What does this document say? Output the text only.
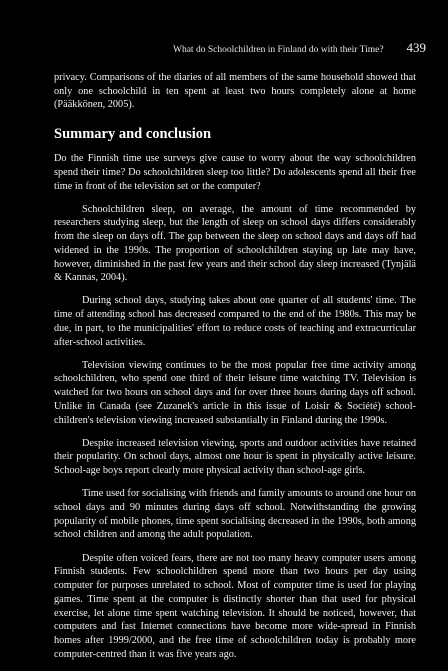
What do Schoolchildren in Finland do with their Time? 439

privacy. Comparisons of the diaries of all members of the same household showed that only one schoolchild in ten spent at least two hours completely alone at home (Pääkkönen, 2005).

Summary and conclusion

Do the Finnish time use surveys give cause to worry about the way schoolchildren spend their time? Do schoolchildren sleep too little? Do adolescents spend all their free time in front of the television set or the computer?

Schoolchildren sleep, on average, the amount of time recommended by researchers studying sleep, but the length of sleep on school days differs considerably from the sleep on days off. The gap between the sleep on school days and days off had widened in the 1990s. The proportion of schoolchildren staying up late may have, however, diminished in the past few years and their school day sleep increased (Tynjälä & Kannas, 2004).

During school days, studying takes about one quarter of all students' time. The time of attending school has decreased compared to the end of the 1980s. This may be due, in part, to the municipalities' effort to reduce costs of teaching and extracurricular after-school activities.

Television viewing continues to be the most popular free time activity among schoolchildren, who spend one third of their leisure time watching TV. Television is watched for two hours on school days and for over three hours during days off school. Unlike in Canada (see Zuzanek's article in this issue of Loisir & Société) school-children's television viewing increased substantially in Finland during the 1990s.

Despite increased television viewing, sports and outdoor activities have retained their popularity. On school days, almost one hour is spent in physically active leisure. School-age boys report clearly more physical activity than school-age girls.

Time used for socialising with friends and family amounts to around one hour on school days and 90 minutes during days off school. Notwithstanding the growing popularity of mobile phones, time spent socialising decreased in the 1990s, both among school children and among the adult population.

Despite often voiced fears, there are not too many heavy computer users among Finnish students. Few schoolchildren spend more than two hours per day using computer for purposes unrelated to school. Most of computer time is used for playing games. Time spent at the computer is distinctly shorter than that used for physical exercise, let alone time spent watching television. It should be noticed, however, that computers and fast Internet connections have become more wide-spread in Finnish homes after 1999/2000, and the free time of schoolchildren today is probably more computer-centred than it was five years ago.
